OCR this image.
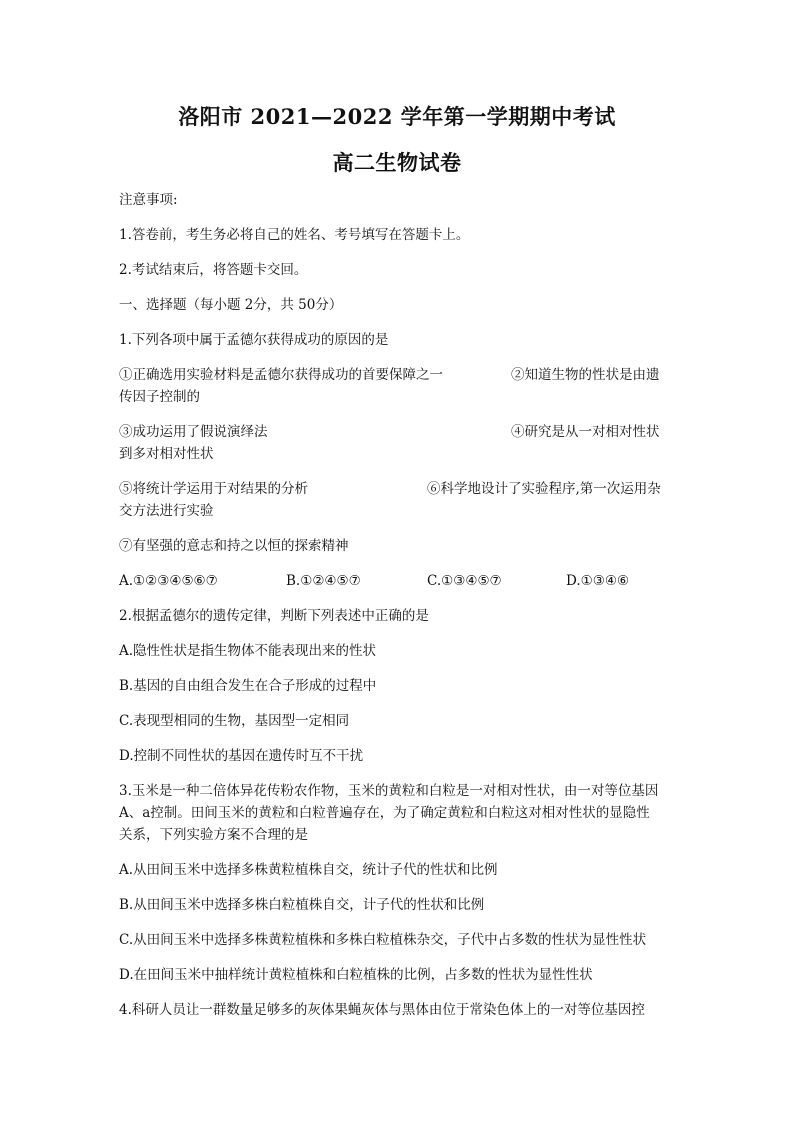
洛阳市 2021—2022 学年第一学期期中考试
高二生物试卷
注意事项:
1.答卷前，考生务必将自己的姓名、考号填写在答题卡上。
2.考试结束后，将答题卡交回。
一、选择题（每小题 2分，共 50分）
1.下列各项中属于孟德尔获得成功的原因的是
①正确选用实验材料是孟德尔获得成功的首要保障之一	②知道生物的性状是由遗
传因子控制的
③成功运用了假说演绎法	④研究是从一对相对性状
到多对相对性状
⑤将统计学运用于对结果的分析	⑥科学地设计了实验程序,第一次运用杂
交方法进行实验
⑦有坚强的意志和持之以恒的探索精神
A.①②③④⑤⑥⑦	B.①②④⑤⑦	C.①③④⑤⑦	D.①③④⑥
2.根据孟德尔的遗传定律，判断下列表述中正确的是
A.隐性性状是指生物体不能表现出来的性状
B.基因的自由组合发生在合子形成的过程中
C.表现型相同的生物，基因型一定相同
D.控制不同性状的基因在遗传时互不干扰
3.玉米是一种二倍体异花传粉农作物，玉米的黄粒和白粒是一对相对性状，由一对等位基因
A、a控制。田间玉米的黄粒和白粒普遍存在，为了确定黄粒和白粒这对相对性状的显隐性
关系，下列实验方案不合理的是
A.从田间玉米中选择多株黄粒植株自交，统计子代的性状和比例
B.从田间玉米中选择多株白粒植株自交，计子代的性状和比例
C.从田间玉米中选择多株黄粒植株和多株白粒植株杂交，子代中占多数的性状为显性性状
D.在田间玉米中抽样统计黄粒植株和白粒植株的比例，占多数的性状为显性性状
4.科研人员让一群数量足够多的灰体果蝇灰体与黑体由位于常染色体上的一对等位基因控
